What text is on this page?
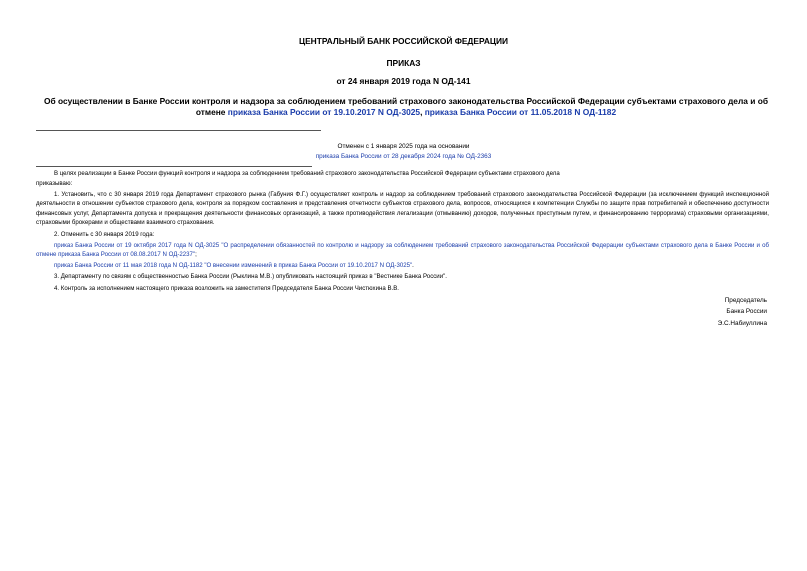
ЦЕНТРАЛЬНЫЙ БАНК РОССИЙСКОЙ ФЕДЕРАЦИИ
ПРИКАЗ
от 24 января 2019 года N ОД-141
Об осуществлении в Банке России контроля и надзора за соблюдением требований страхового законодательства Российской Федерации субъектами страхового дела и об отмене приказа Банка России от 19.10.2017 N ОД-3025, приказа Банка России от 11.05.2018 N ОД-1182
Отменен с 1 января 2025 года на основании
приказа Банка России от 28 декабря 2024 года № ОД-2363

В целях реализации в Банке России функций контроля и надзора за соблюдением требований страхового законодательства Российской Федерации субъектами страхового дела

приказываю:

1. Установить, что с 30 января 2019 года Департамент страхового рынка (Габуния Ф.Г.) осуществляет контроль и надзор за соблюдением требований страхового законодательства Российской Федерации (за исключением функций инспекционной деятельности в отношении субъектов страхового дела, контроля за порядком составления и представления отчетности субъектов страхового дела, вопросов, относящихся к компетенции Службы по защите прав потребителей и обеспечению доступности финансовых услуг, Департамента допуска и прекращения деятельности финансовых организаций, а также противодействия легализации (отмыванию) доходов, полученных преступным путем, и финансированию терроризма) страховыми организациями, страховыми брокерами и обществами взаимного страхования.

2. Отменить с 30 января 2019 года:

приказ Банка России от 19 октября 2017 года N ОД-3025 "О распределении обязанностей по контролю и надзору за соблюдением требований страхового законодательства Российской Федерации субъектами страхового дела в Банке России и об отмене приказа Банка России от 08.08.2017 N ОД-2237";

приказ Банка России от 11 мая 2018 года N ОД-1182 "О внесении изменений в приказ Банка России от 19.10.2017 N ОД-3025".

3. Департаменту по связям с общественностью Банка России (Рыклина М.В.) опубликовать настоящий приказ в "Вестнике Банка России".

4. Контроль за исполнением настоящего приказа возложить на заместителя Председателя Банка России Чистюхина В.В.

Председатель
Банка России
Э.С.Набиуллина
